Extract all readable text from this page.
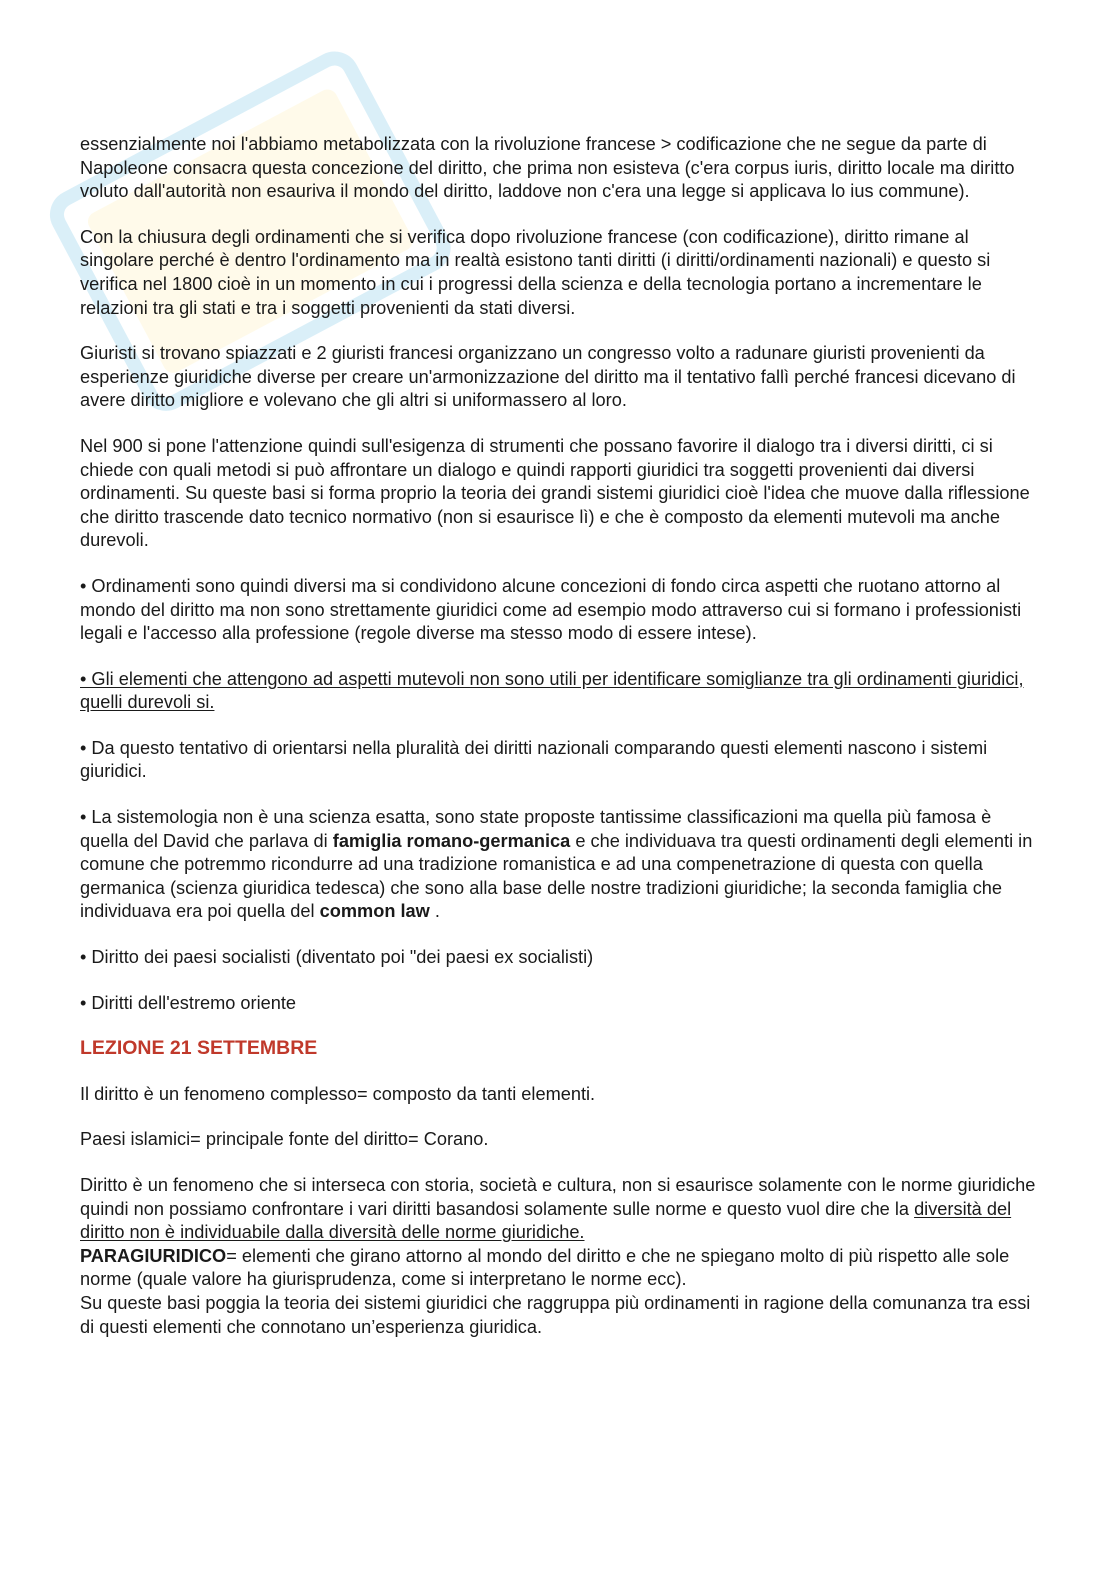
essenzialmente noi l'abbiamo metabolizzata con la rivoluzione francese > codificazione che ne segue da parte di Napoleone consacra questa concezione del diritto, che prima non esisteva (c'era corpus iuris, diritto locale ma diritto voluto dall'autorità non esauriva il mondo del diritto, laddove non c'era una legge si applicava lo ius commune).

Con la chiusura degli ordinamenti che si verifica dopo rivoluzione francese (con codificazione), diritto rimane al singolare perché è dentro l'ordinamento ma in realtà esistono tanti diritti (i diritti/ordinamenti nazionali) e questo si verifica nel 1800 cioè in un momento in cui i progressi della scienza e della tecnologia portano a incrementare le relazioni tra gli stati e tra i soggetti provenienti da stati diversi.

Giuristi si trovano spiazzati e 2 giuristi francesi organizzano un congresso volto a radunare giuristi provenienti da esperienze giuridiche diverse per creare un'armonizzazione del diritto ma il tentativo fallì perché francesi dicevano di avere diritto migliore e volevano che gli altri si uniformassero al loro.

Nel 900 si pone l'attenzione quindi sull'esigenza di strumenti che possano favorire il dialogo tra i diversi diritti, ci si chiede con quali metodi si può affrontare un dialogo e quindi rapporti giuridici tra soggetti provenienti dai diversi ordinamenti. Su queste basi si forma proprio la teoria dei grandi sistemi giuridici cioè l'idea che muove dalla riflessione che diritto trascende dato tecnico normativo (non si esaurisce lì) e che è composto da elementi mutevoli ma anche durevoli.

• Ordinamenti sono quindi diversi ma si condividono alcune concezioni di fondo circa aspetti che ruotano attorno al mondo del diritto ma non sono strettamente giuridici come ad esempio modo attraverso cui si formano i professionisti legali e l'accesso alla professione (regole diverse ma stesso modo di essere intese).

• Gli elementi che attengono ad aspetti mutevoli non sono utili per identificare somiglianze tra gli ordinamenti giuridici, quelli durevoli si.

• Da questo tentativo di orientarsi nella pluralità dei diritti nazionali comparando questi elementi nascono i sistemi giuridici.

• La sistemologia non è una scienza esatta, sono state proposte tantissime classificazioni ma quella più famosa è quella del David che parlava di famiglia romano-germanica e che individuava tra questi ordinamenti degli elementi in comune che potremmo ricondurre ad una tradizione romanistica e ad una compenetrazione di questa con quella germanica (scienza giuridica tedesca) che sono alla base delle nostre tradizioni giuridiche; la seconda famiglia che individuava era poi quella del common law .

• Diritto dei paesi socialisti (diventato poi "dei paesi ex socialisti)

• Diritti dell'estremo oriente

LEZIONE 21 SETTEMBRE

Il diritto è un fenomeno complesso= composto da tanti elementi.

Paesi islamici= principale fonte del diritto= Corano.

Diritto è un fenomeno che si interseca con storia, società e cultura, non si esaurisce solamente con le norme giuridiche quindi non possiamo confrontare i vari diritti basandosi solamente sulle norme e questo vuol dire che la diversità del diritto non è individuabile dalla diversità delle norme giuridiche.

PARAGIURIDICO= elementi che girano attorno al mondo del diritto e che ne spiegano molto di più rispetto alle sole norme (quale valore ha giurisprudenza, come si interpretano le norme ecc).

Su queste basi poggia la teoria dei sistemi giuridici che raggruppa più ordinamenti in ragione della comunanza tra essi di questi elementi che connotano un’esperienza giuridica.
